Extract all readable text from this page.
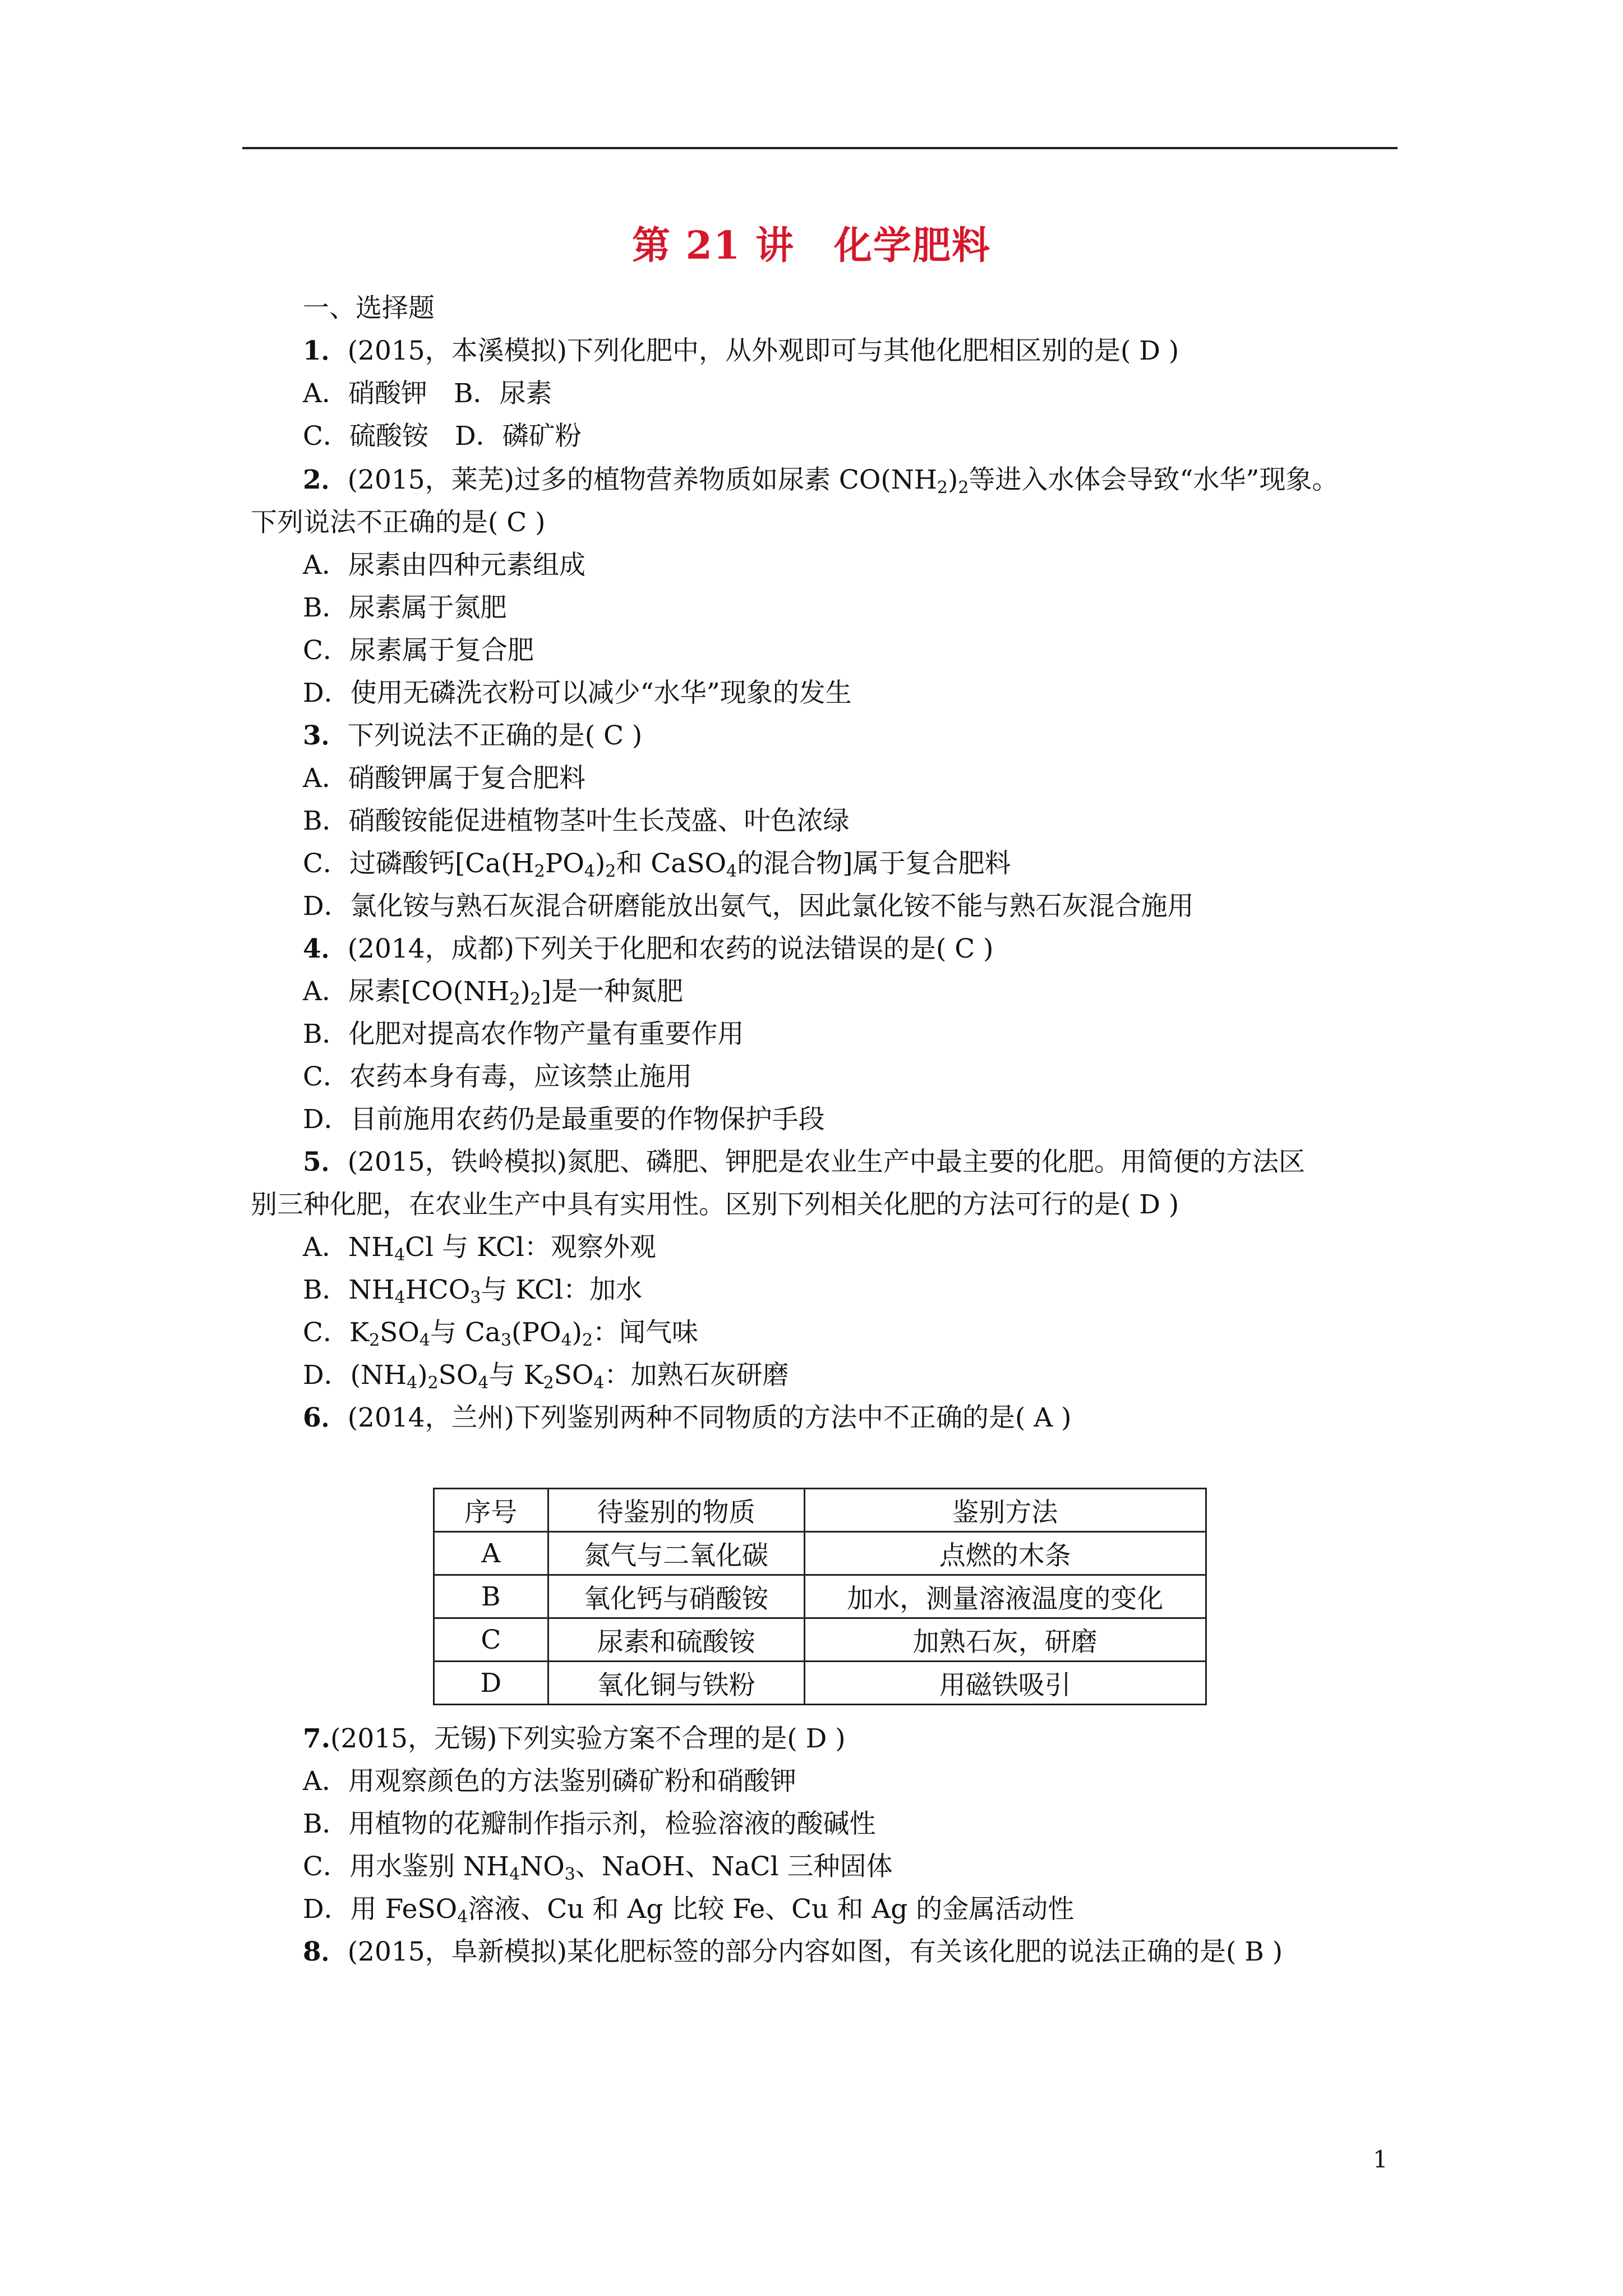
第 21 讲　化学肥料
一、选择题
1．(2015，本溪模拟)下列化肥中，从外观即可与其他化肥相区别的是( D )
A．硝酸钾　B．尿素
C．硫酸铵　D．磷矿粉
2．(2015，莱芜)过多的植物营养物质如尿素 $CO(NH_2)_2$等进入水体会导致“水华”现象。
下列说法不正确的是( C )
A．尿素由四种元素组成
B．尿素属于氮肥
C．尿素属于复合肥
D．使用无磷洗衣粉可以减少“水华”现象的发生
3．下列说法不正确的是( C )
A．硝酸钾属于复合肥料
B．硝酸铵能促进植物茎叶生长茂盛、叶色浓绿
C．过磷酸钙[$Ca(H_2PO_4)_2$和 CaSO$_4$的混合物]属于复合肥料
D．氯化铵与熟石灰混合研磨能放出氨气，因此氯化铵不能与熟石灰混合施用
4．(2014，成都)下列关于化肥和农药的说法错误的是( C )
A．尿素$[CO(NH_2)_2]$是一种氮肥
B．化肥对提高农作物产量有重要作用
C．农药本身有毒，应该禁止施用
D．目前施用农药仍是最重要的作物保护手段
5．(2015，铁岭模拟)氮肥、磷肥、钾肥是农业生产中最主要的化肥。用简便的方法区
别三种化肥，在农业生产中具有实用性。区别下列相关化肥的方法可行的是( D )
A．$NH_4Cl$ 与 KCl：观察外观
B．$NH_4HCO_3$与 KCl：加水
C．$K_2SO_4$与 $Ca_3(PO_4)_2$：闻气味
D．$(NH_4)_2SO_4$与 $K_2SO_4$：加熟石灰研磨
6．(2014，兰州)下列鉴别两种不同物质的方法中不正确的是( A )
序号	待鉴别的物质	鉴别方法
A	氮气与二氧化碳	点燃的木条
B	氧化钙与硝酸铵	加水，测量溶液温度的变化
C	尿素和硫酸铵	加熟石灰，研磨
D	氧化铜与铁粉	用磁铁吸引
7.(2015，无锡)下列实验方案不合理的是( D )
A．用观察颜色的方法鉴别磷矿粉和硝酸钾
B．用植物的花瓣制作指示剂，检验溶液的酸碱性
C．用水鉴别 $NH_4NO_3$、NaOH、NaCl 三种固体
D．用 FeSO$_4$溶液、Cu 和 Ag 比较 Fe、Cu 和 Ag 的金属活动性
8．(2015，阜新模拟)某化肥标签的部分内容如图，有关该化肥的说法正确的是( B )
1
